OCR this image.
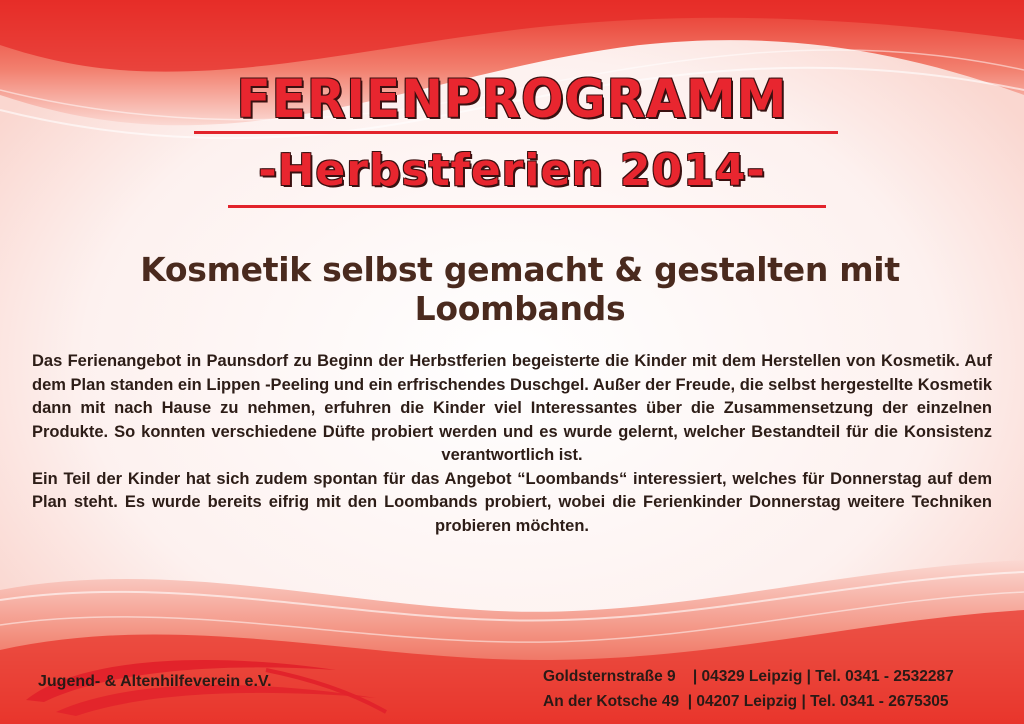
FERIENPROGRAMM
-Herbstferien 2014-
Kosmetik selbst gemacht & gestalten mit Loombands

Das Ferienangebot in Paunsdorf zu Beginn der Herbstferien begeisterte die Kinder mit dem Herstellen von Kosmetik. Auf dem Plan standen ein Lippen -Peeling und ein erfrischendes Duschgel. Außer der Freude, die selbst hergestellte Kosmetik dann mit nach Hause zu nehmen, erfuhren die Kinder viel Interessantes über die Zusammensetzung der einzelnen Produkte. So konnten verschiedene Düfte probiert werden und es wurde gelernt, welcher Bestandteil für die Konsistenz verantwortlich ist.

Ein Teil der Kinder hat sich zudem spontan für das Angebot “Loombands“ interessiert, welches für Donnerstag auf dem Plan steht. Es wurde bereits eifrig mit den Loombands probiert, wobei die Ferienkinder Donnerstag weitere Techniken probieren möchten.

Jugend- & Altenhilfeverein e.V.	Goldsternstraße 9    | 04329 Leipzig | Tel. 0341 - 2532287
An der Kotsche 49  | 04207 Leipzig | Tel. 0341 - 2675305
